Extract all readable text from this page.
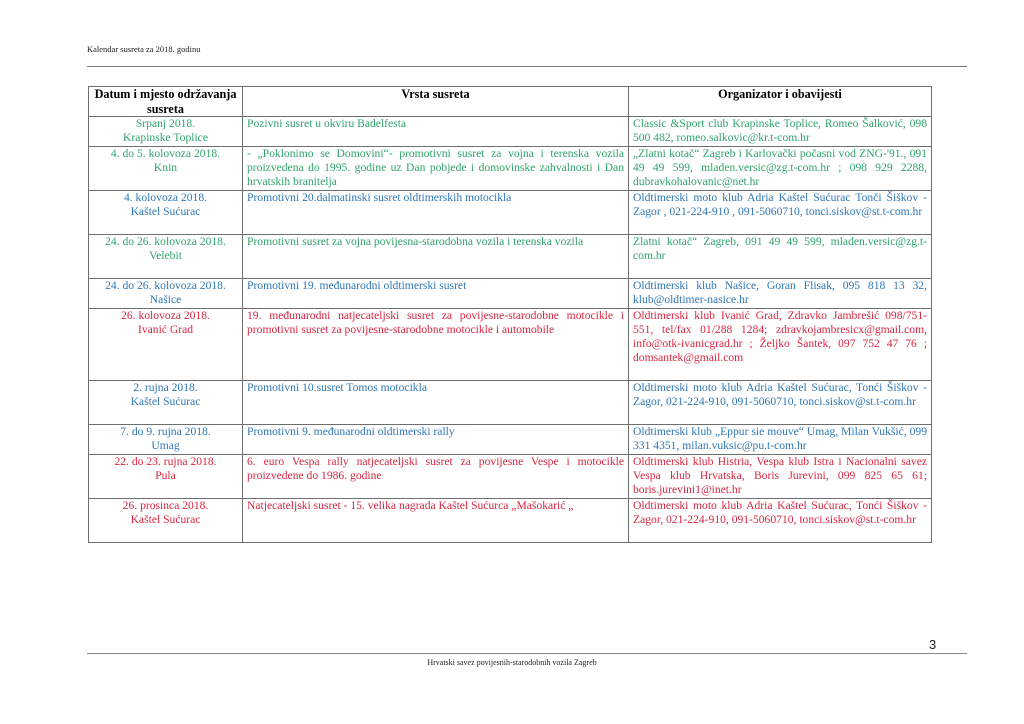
Kalendar susreta za 2018. godinu
Datum i mjesto održavanja susreta	Vrsta susreta	Organizator i obavijesti

Srpanj 2018.
Krapinske Toplice	Pozivni susret u okviru Badelfesta	Classic &Sport club Krapinske Toplice, Romeo Šalković, 098 500 482, romeo.salkovic@kr.t-com.hr

4. do 5. kolovoza 2018.
Knin	- „Poklonimo se Domovini“- promotivni susret za vojna i terenska vozila proizvedena do 1995. godine uz Dan pobjede i domovinske zahvalnosti i Dan hrvatskih branitelja	„Zlatni kotač“ Zagreb i Karlovački počasni vod ZNG-'91., 091 49 49 599, mladen.versic@zg.t-com.hr ; 098 929 2288, dubravkohalovanic@net.hr

4. kolovoza 2018.
Kaštel Sućurac	Promotivni 20.dalmatinski susret oldtimerskih motocikla	Oldtimerski moto klub Adria Kaštel Sućurac Tonči Šiškov - Zagor , 021-224-910 , 091-5060710, tonci.siskov@st.t-com.hr

24. do 26. kolovoza 2018.
Velebit	Promotivni susret za vojna povijesna-starodobna vozila i terenska vozila	Zlatni kotač“ Zagreb, 091 49 49 599, mladen.versic@zg.t-com.hr

24. do 26. kolovoza 2018.
Našice	Promotivni 19. međunarodni oldtimerski susret	Oldtimerski klub Našice, Goran Flisak, 095 818 13 32, klub@oldtimer-nasice.hr

26. kolovoza 2018.
Ivanić Grad	19. međunarodni natjecateljski susret za povijesne-starodobne motocikle i promotivni susret za povijesne-starodobne motocikle i automobile	Oldtimerski klub Ivanić Grad, Zdravko Jambrešić 098/751-551, tel/fax 01/288 1284; zdravkojambresicx@gmail.com, info@otk-ivanicgrad.hr ; Željko Šantek, 097 752 47 76 ; domsantek@gmail.com

2. rujna 2018.
Kaštel Sućurac	Promotivni 10.susret Tomos motocikla	Oldtimerski moto klub Adria Kaštel Sućurac, Tonći Šiškov - Zagor, 021-224-910, 091-5060710, tonci.siskov@st.t-com.hr

7. do 9. rujna 2018.
Umag	Promotivni 9. međunarodni oldtimerski rally	Oldtimerski klub „Eppur sie mouve“ Umag, Milan Vukšić, 099 331 4351, milan.vuksic@pu.t-com.hr

22. do 23. rujna 2018.
Pula	6. euro Vespa rally natjecateljski susret za povijesne Vespe i motocikle proizvedene do 1986. godine	Oldtimerski klub Histria, Vespa klub Istra i Nacionalni savez Vespa klub Hrvatska, Boris Jurevini, 099 825 65 61; boris.jurevini1@inet.hr

26. prosinca 2018.
Kaštel Sućurac	Natjecateljski susret - 15. velika nagrada Kaštel Sućurca „Mašokarić „	Oldtimerski moto klub Adria Kaštel Sućurac, Tonći Šiškov - Zagor, 021-224-910, 091-5060710, tonci.siskov@st.t-com.hr
3
Hrvatski savez povijesnih-starodobnih vozila Zagreb
